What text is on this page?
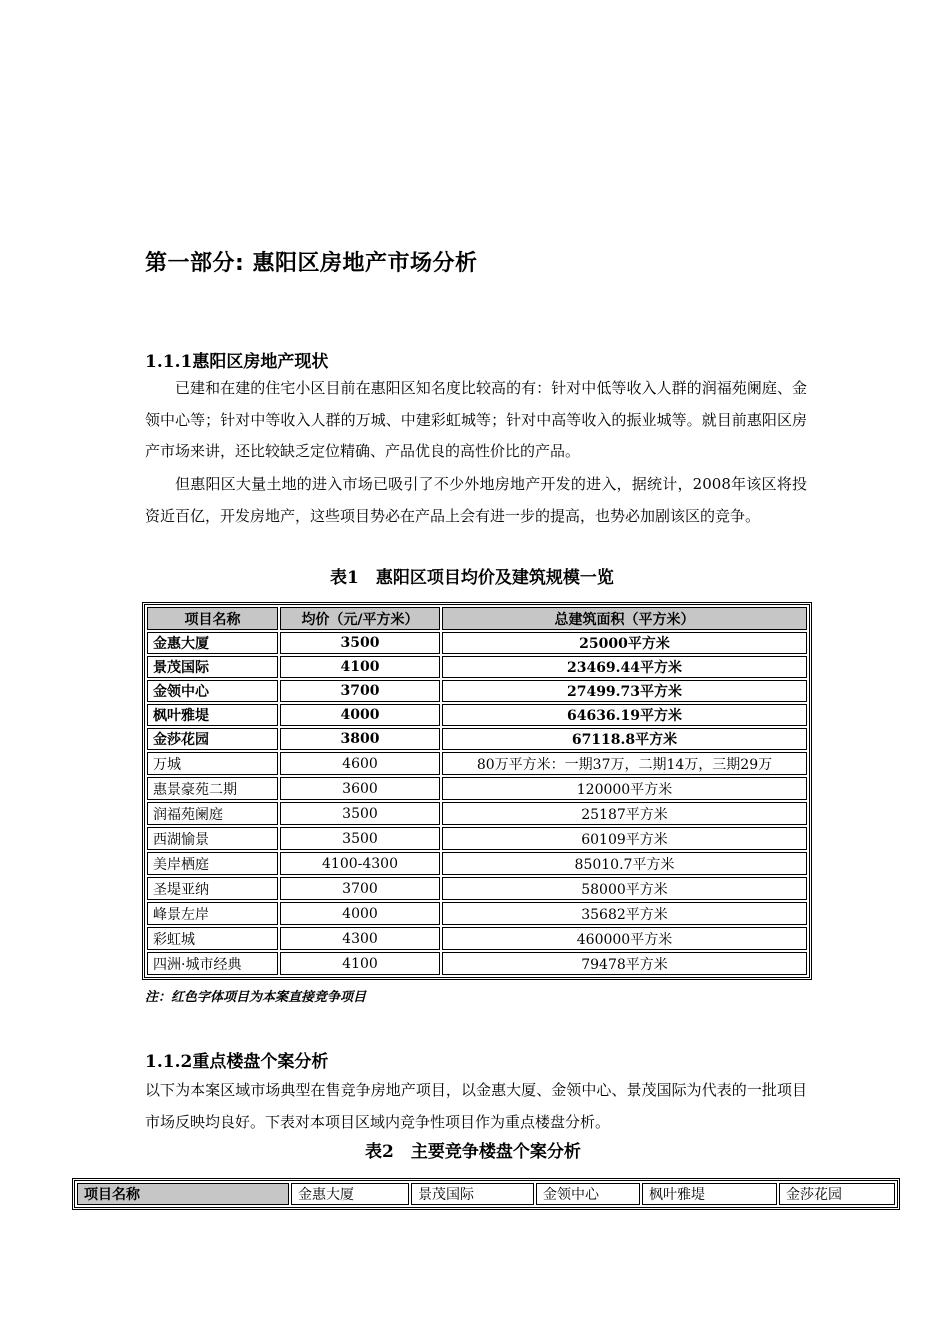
第一部分: 惠阳区房地产市场分析
1.1.1惠阳区房地产现状

已建和在建的住宅小区目前在惠阳区知名度比较高的有：针对中低等收入人群的润福苑阑庭、金领中心等；针对中等收入人群的万城、中建彩虹城等；针对中高等收入的振业城等。就目前惠阳区房产市场来讲，还比较缺乏定位精确、产品优良的高性价比的产品。

但惠阳区大量土地的进入市场已吸引了不少外地房地产开发的进入，据统计，2008年该区将投资近百亿，开发房地产，这些项目势必在产品上会有进一步的提高，也势必加剧该区的竞争。

表1　惠阳区项目均价及建筑规模一览
项目名称	均价（元/平方米）	总建筑面积（平方米）
金惠大厦	3500	25000平方米
景茂国际	4100	23469.44平方米
金领中心	3700	27499.73平方米
枫叶雅堤	4000	64636.19平方米
金莎花园	3800	67118.8平方米
万城	4600	80万平方米：一期37万，二期14万，三期29万
惠景豪苑二期	3600	120000平方米
润福苑阑庭	3500	25187平方米
西湖愉景	3500	60109平方米
美岸栖庭	4100-4300	85010.7平方米
圣堤亚纳	3700	58000平方米
峰景左岸	4000	35682平方米
彩虹城	4300	460000平方米
四洲·城市经典	4100	79478平方米
注：红色字体项目为本案直接竞争项目
1.1.2重点楼盘个案分析

以下为本案区域市场典型在售竞争房地产项目，以金惠大厦、金领中心、景茂国际为代表的一批项目市场反映均良好。下表对本项目区域内竞争性项目作为重点楼盘分析。

表2　主要竞争楼盘个案分析
项目名称	金惠大厦	景茂国际	金领中心	枫叶雅堤	金莎花园
